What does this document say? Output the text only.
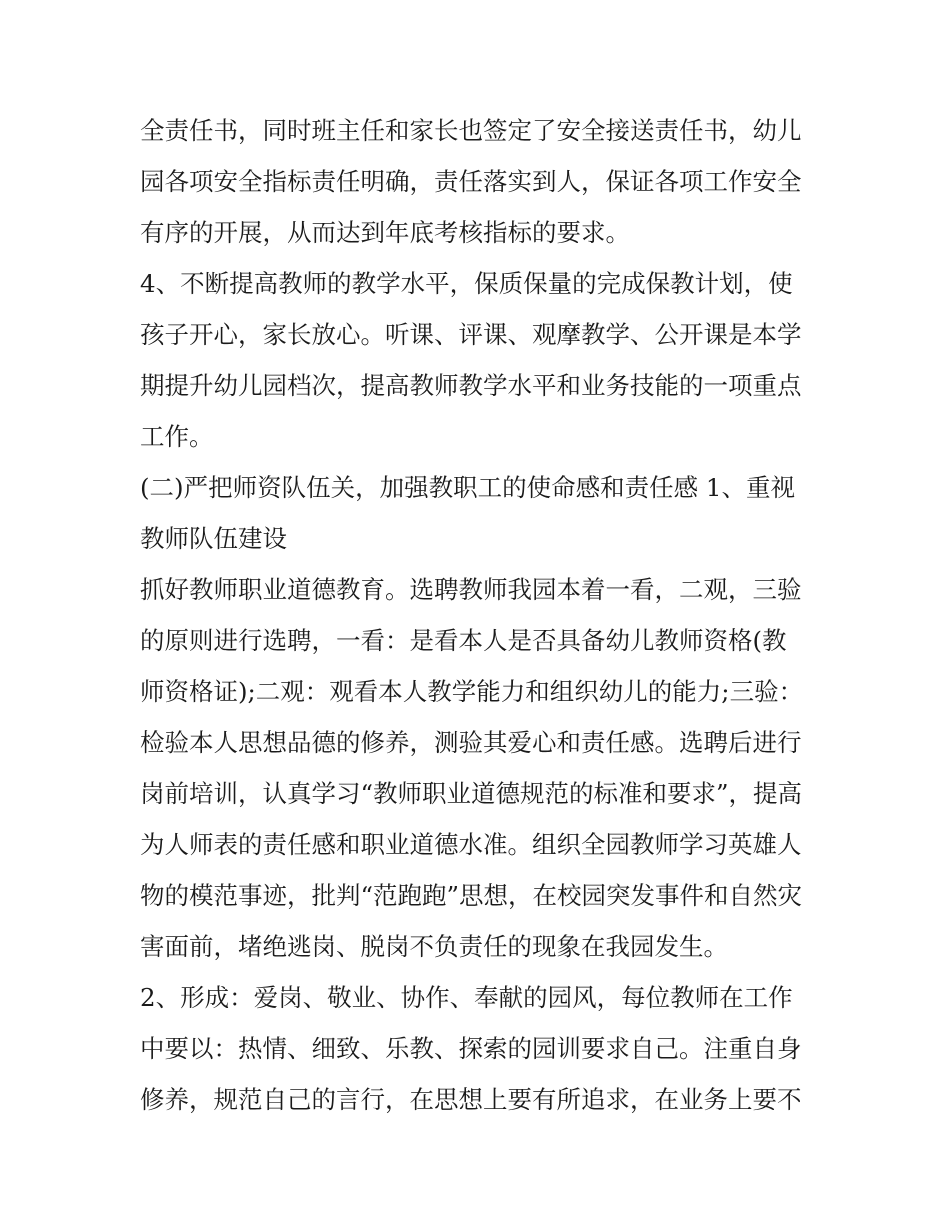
全责任书，同时班主任和家长也签定了安全接送责任书，幼儿
园各项安全指标责任明确，责任落实到人，保证各项工作安全
有序的开展，从而达到年底考核指标的要求。
4、不断提高教师的教学水平，保质保量的完成保教计划，使
孩子开心，家长放心。听课、评课、观摩教学、公开课是本学
期提升幼儿园档次，提高教师教学水平和业务技能的一项重点
工作。
(二)严把师资队伍关，加强教职工的使命感和责任感 1、重视
教师队伍建设
抓好教师职业道德教育。选聘教师我园本着一看，二观，三验
的原则进行选聘，一看：是看本人是否具备幼儿教师资格(教
师资格证);二观：观看本人教学能力和组织幼儿的能力;三验：
检验本人思想品德的修养，测验其爱心和责任感。选聘后进行
岗前培训，认真学习“教师职业道德规范的标准和要求”，提高
为人师表的责任感和职业道德水准。组织全园教师学习英雄人
物的模范事迹，批判“范跑跑”思想，在校园突发事件和自然灾
害面前，堵绝逃岗、脱岗不负责任的现象在我园发生。
2、形成：爱岗、敬业、协作、奉献的园风，每位教师在工作
中要以：热情、细致、乐教、探索的园训要求自己。注重自身
修养，规范自己的言行，在思想上要有所追求，在业务上要不
